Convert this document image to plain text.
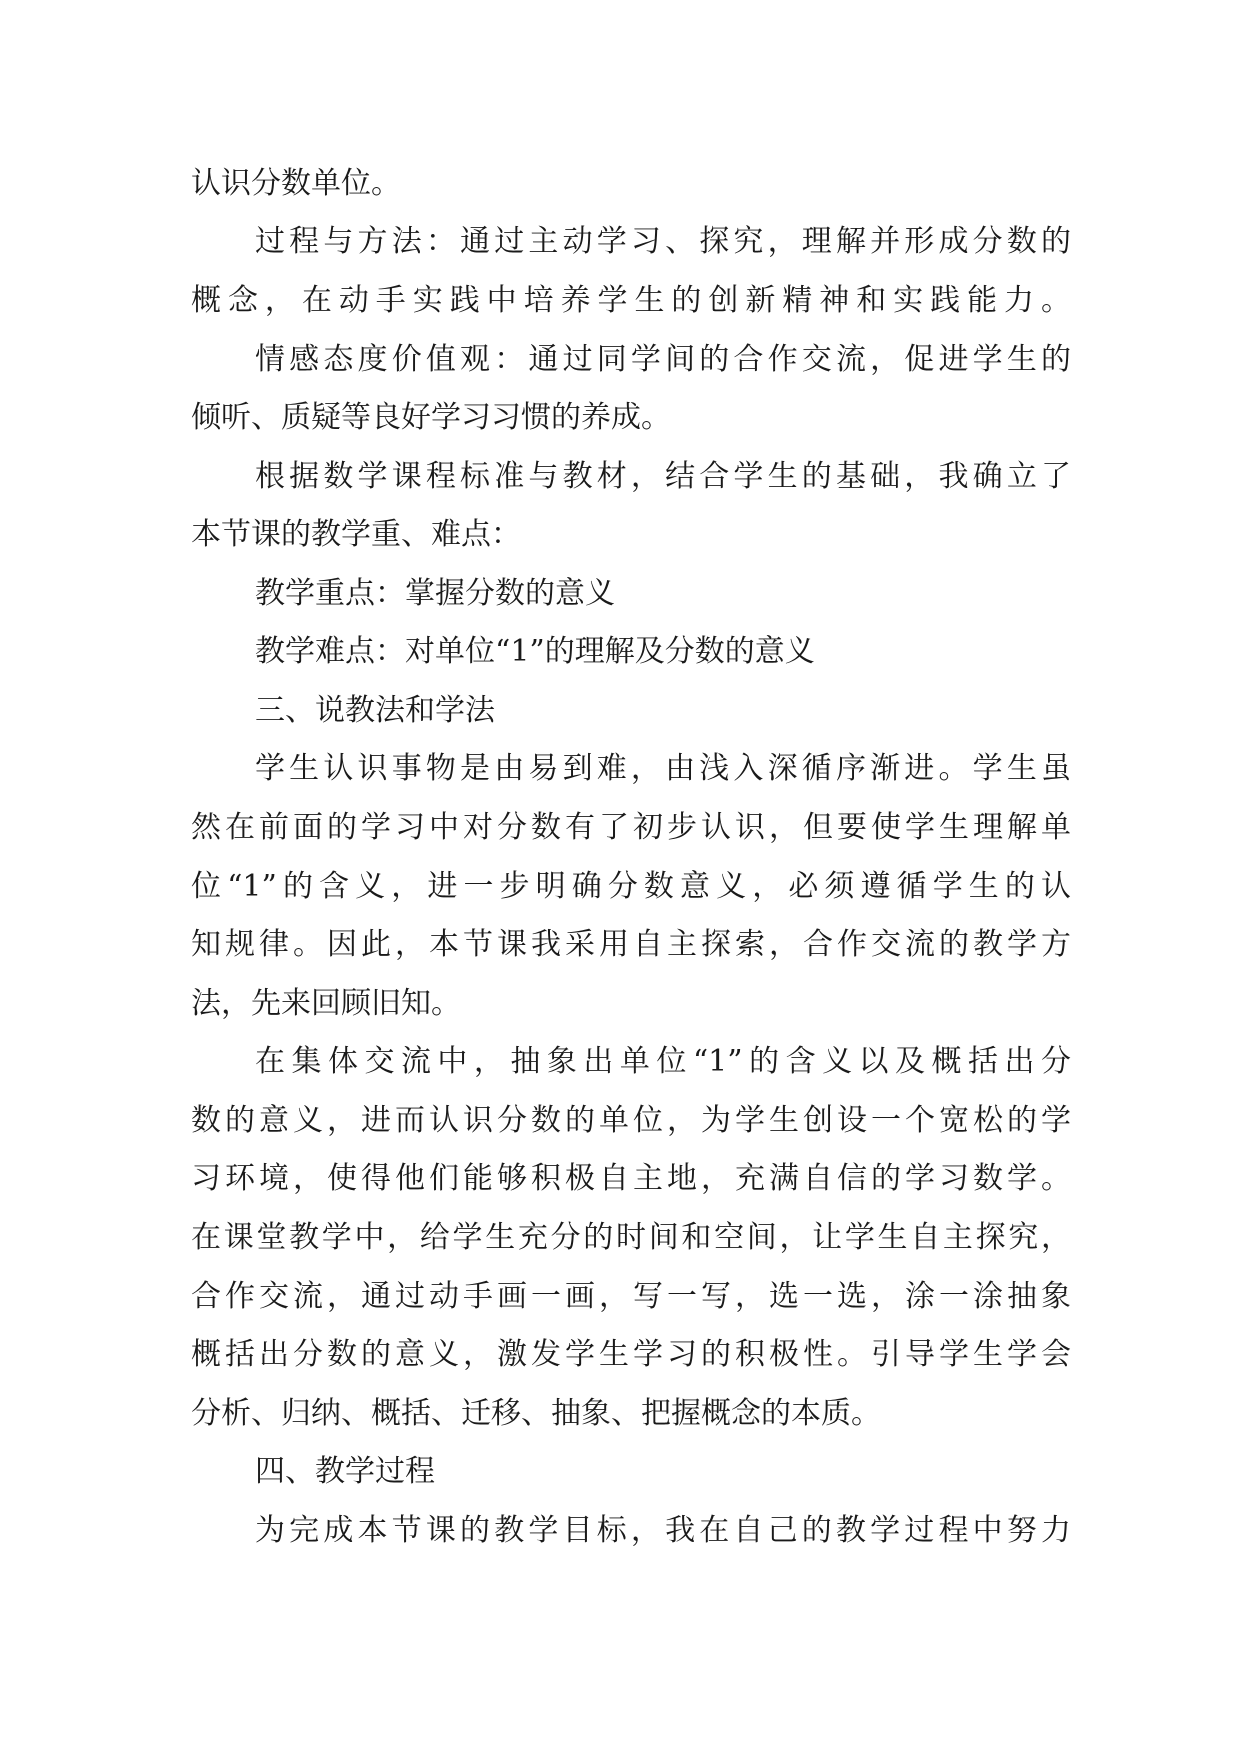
认识分数单位。
过程与方法：通过主动学习、探究，理解并形成分数的
概念，在动手实践中培养学生的创新精神和实践能力。
情感态度价值观：通过同学间的合作交流，促进学生的
倾听、质疑等良好学习习惯的养成。
根据数学课程标准与教材，结合学生的基础，我确立了
本节课的教学重、难点：
教学重点：掌握分数的意义
教学难点：对单位“1”的理解及分数的意义
三、说教法和学法
学生认识事物是由易到难，由浅入深循序渐进。学生虽
然在前面的学习中对分数有了初步认识，但要使学生理解单
位“1”的含义，进一步明确分数意义，必须遵循学生的认
知规律。因此，本节课我采用自主探索，合作交流的教学方
法，先来回顾旧知。
在集体交流中，抽象出单位“1”的含义以及概括出分
数的意义，进而认识分数的单位，为学生创设一个宽松的学
习环境，使得他们能够积极自主地，充满自信的学习数学。
在课堂教学中，给学生充分的时间和空间，让学生自主探究，
合作交流，通过动手画一画，写一写，选一选，涂一涂抽象
概括出分数的意义，激发学生学习的积极性。引导学生学会
分析、归纳、概括、迁移、抽象、把握概念的本质。
四、教学过程
为完成本节课的教学目标，我在自己的教学过程中努力
